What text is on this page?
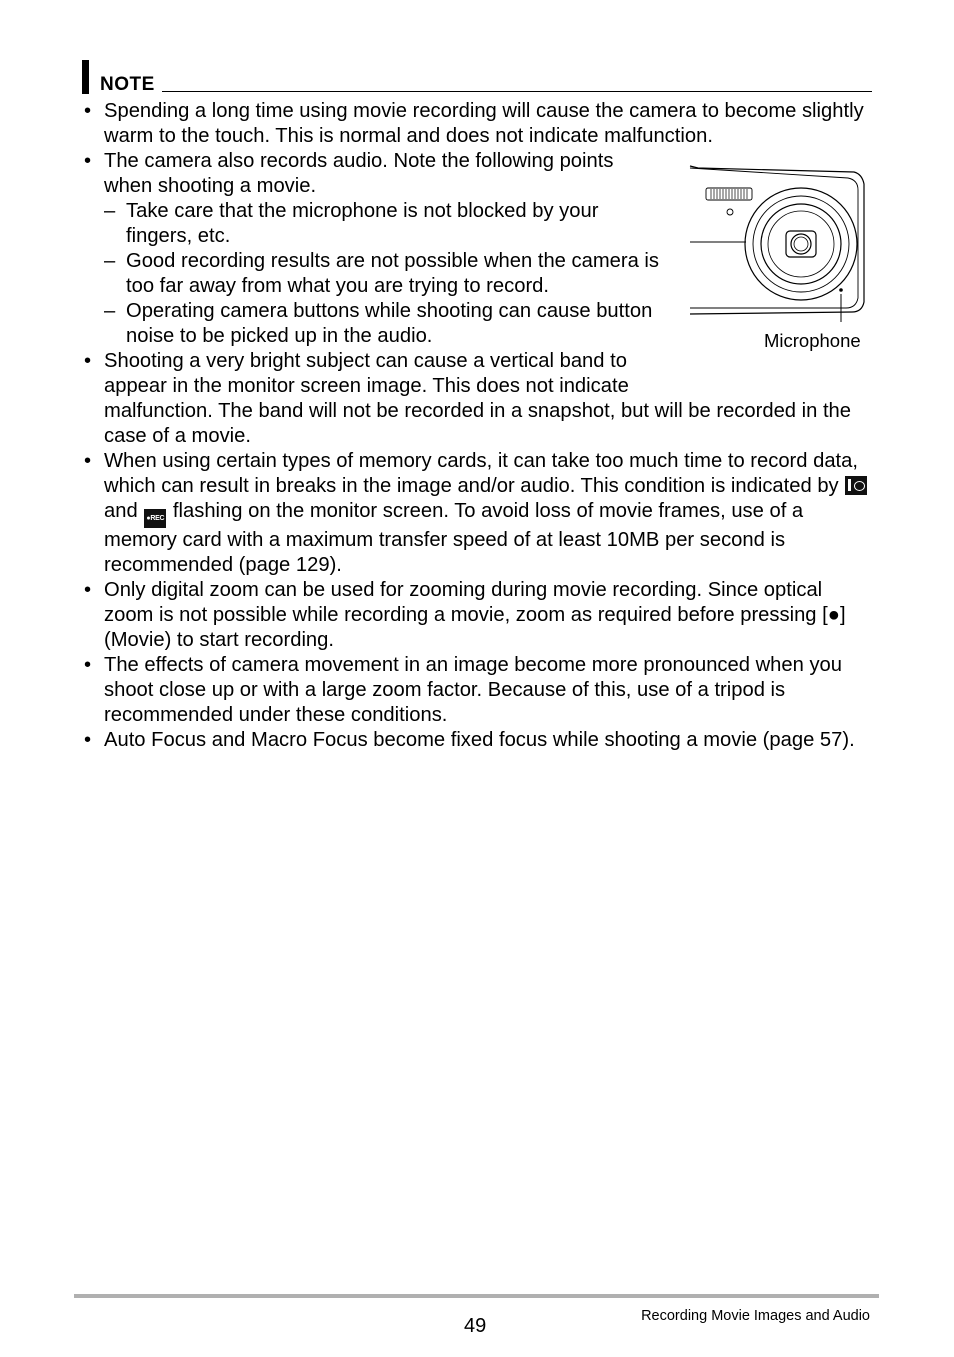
NOTE
Microphone
• Spending a long time using movie recording will cause the camera to become slightly warm to the touch. This is normal and does not indicate malfunction.
• The camera also records audio. Note the following points when shooting a movie.
– Take care that the microphone is not blocked by your fingers, etc.
– Good recording results are not possible when the camera is too far away from what you are trying to record.
– Operating camera buttons while shooting can cause button noise to be picked up in the audio.
• Shooting a very bright subject can cause a vertical band to appear in the monitor screen image. This does not indicate
malfunction. The band will not be recorded in a snapshot, but will be recorded in the case of a movie.
• When using certain types of memory cards, it can take too much time to record data, which can result in breaks in the image and/or audio. This condition is indicated by  and ●REC flashing on the monitor screen. To avoid loss of movie frames, use of a memory card with a maximum transfer speed of at least 10MB per second is recommended (page 129).
• Only digital zoom can be used for zooming during movie recording. Since optical zoom is not possible while recording a movie, zoom as required before pressing [●] (Movie) to start recording.
• The effects of camera movement in an image become more pronounced when you shoot close up or with a large zoom factor. Because of this, use of a tripod is recommended under these conditions.
• Auto Focus and Macro Focus become fixed focus while shooting a movie (page 57).
49	Recording Movie Images and Audio
